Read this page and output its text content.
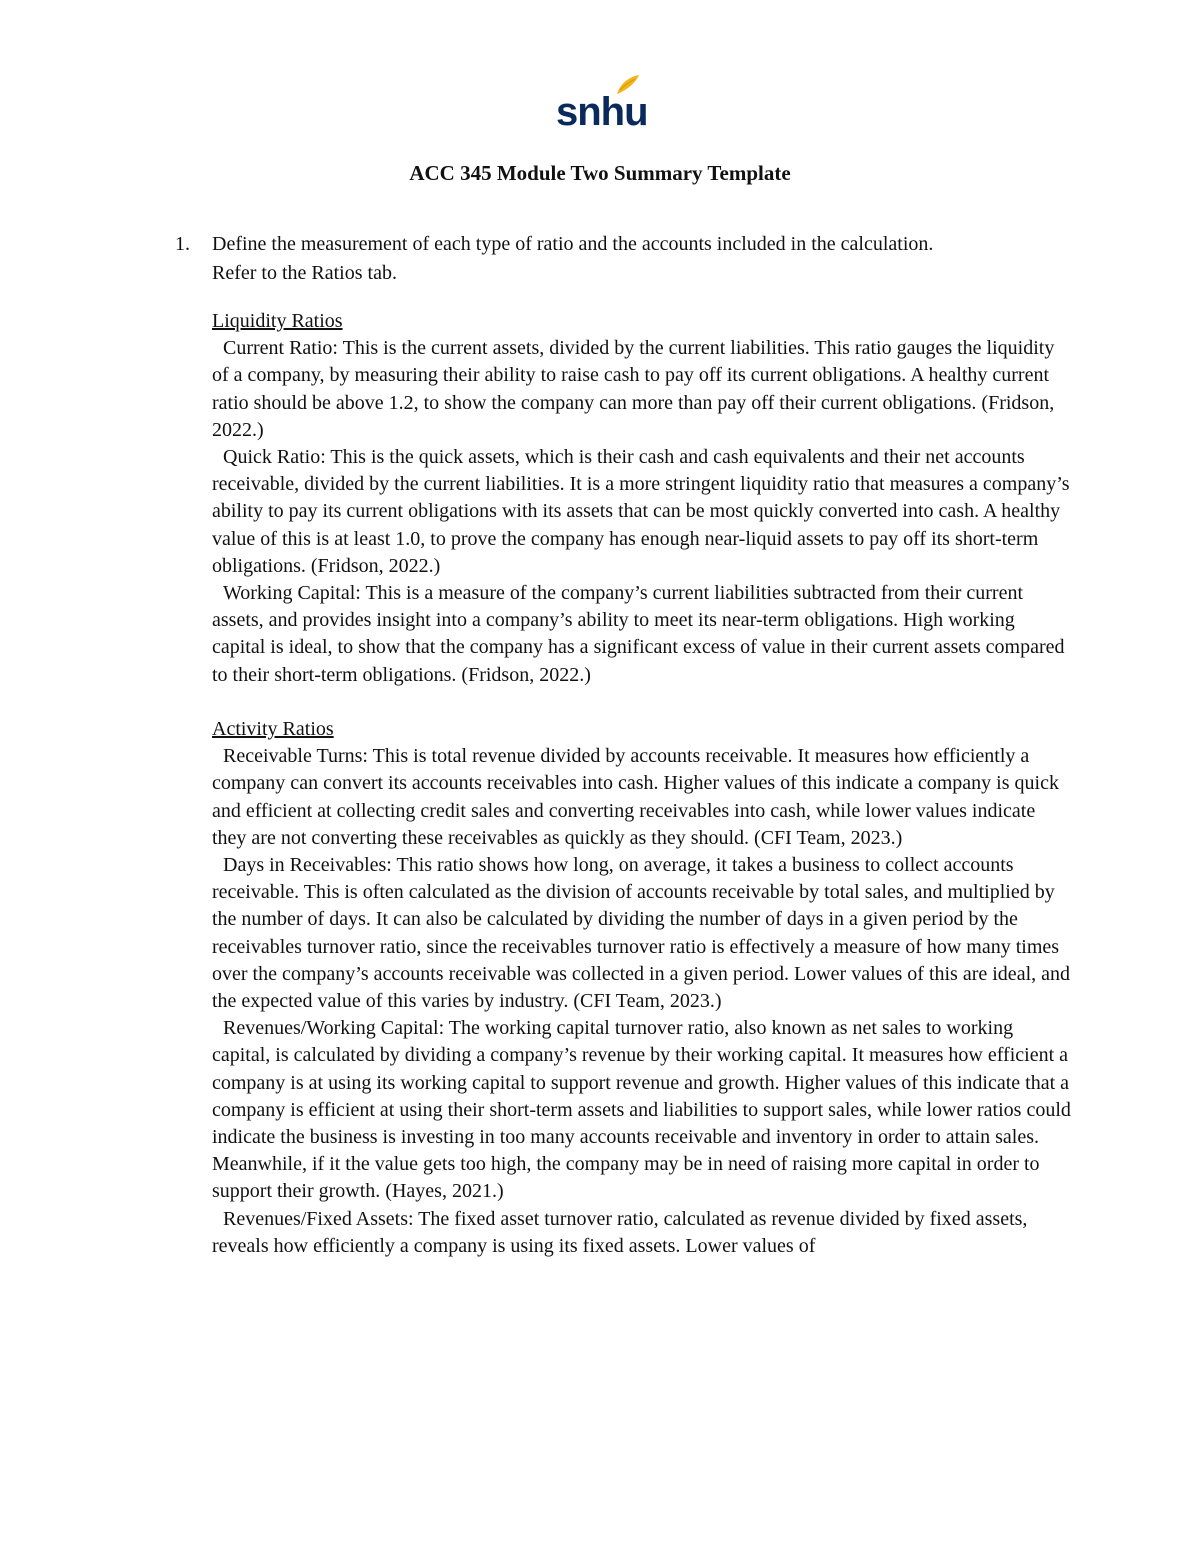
snhu
ACC 345 Module Two Summary Template
1. Define the measurement of each type of ratio and the accounts included in the calculation. Refer to the Ratios tab.

Liquidity Ratios

Current Ratio: This is the current assets, divided by the current liabilities. This ratio gauges the liquidity of a company, by measuring their ability to raise cash to pay off its current obligations. A healthy current ratio should be above 1.2, to show the company can more than pay off their current obligations. (Fridson, 2022.)

Quick Ratio: This is the quick assets, which is their cash and cash equivalents and their net accounts receivable, divided by the current liabilities. It is a more stringent liquidity ratio that measures a company’s ability to pay its current obligations with its assets that can be most quickly converted into cash. A healthy value of this is at least 1.0, to prove the company has enough near-liquid assets to pay off its short-term obligations. (Fridson, 2022.)

Working Capital: This is a measure of the company’s current liabilities subtracted from their current assets, and provides insight into a company’s ability to meet its near-term obligations. High working capital is ideal, to show that the company has a significant excess of value in their current assets compared to their short-term obligations. (Fridson, 2022.)

Activity Ratios

Receivable Turns: This is total revenue divided by accounts receivable. It measures how efficiently a company can convert its accounts receivables into cash. Higher values of this indicate a company is quick and efficient at collecting credit sales and converting receivables into cash, while lower values indicate they are not converting these receivables as quickly as they should. (CFI Team, 2023.)

Days in Receivables: This ratio shows how long, on average, it takes a business to collect accounts receivable. This is often calculated as the division of accounts receivable by total sales, and multiplied by the number of days. It can also be calculated by dividing the number of days in a given period by the receivables turnover ratio, since the receivables turnover ratio is effectively a measure of how many times over the company’s accounts receivable was collected in a given period. Lower values of this are ideal, and the expected value of this varies by industry. (CFI Team, 2023.)

Revenues/Working Capital: The working capital turnover ratio, also known as net sales to working capital, is calculated by dividing a company’s revenue by their working capital. It measures how efficient a company is at using its working capital to support revenue and growth. Higher values of this indicate that a company is efficient at using their short-term assets and liabilities to support sales, while lower ratios could indicate the business is investing in too many accounts receivable and inventory in order to attain sales. Meanwhile, if it the value gets too high, the company may be in need of raising more capital in order to support their growth. (Hayes, 2021.)

Revenues/Fixed Assets: The fixed asset turnover ratio, calculated as revenue divided by fixed assets, reveals how efficiently a company is using its fixed assets. Lower values of
